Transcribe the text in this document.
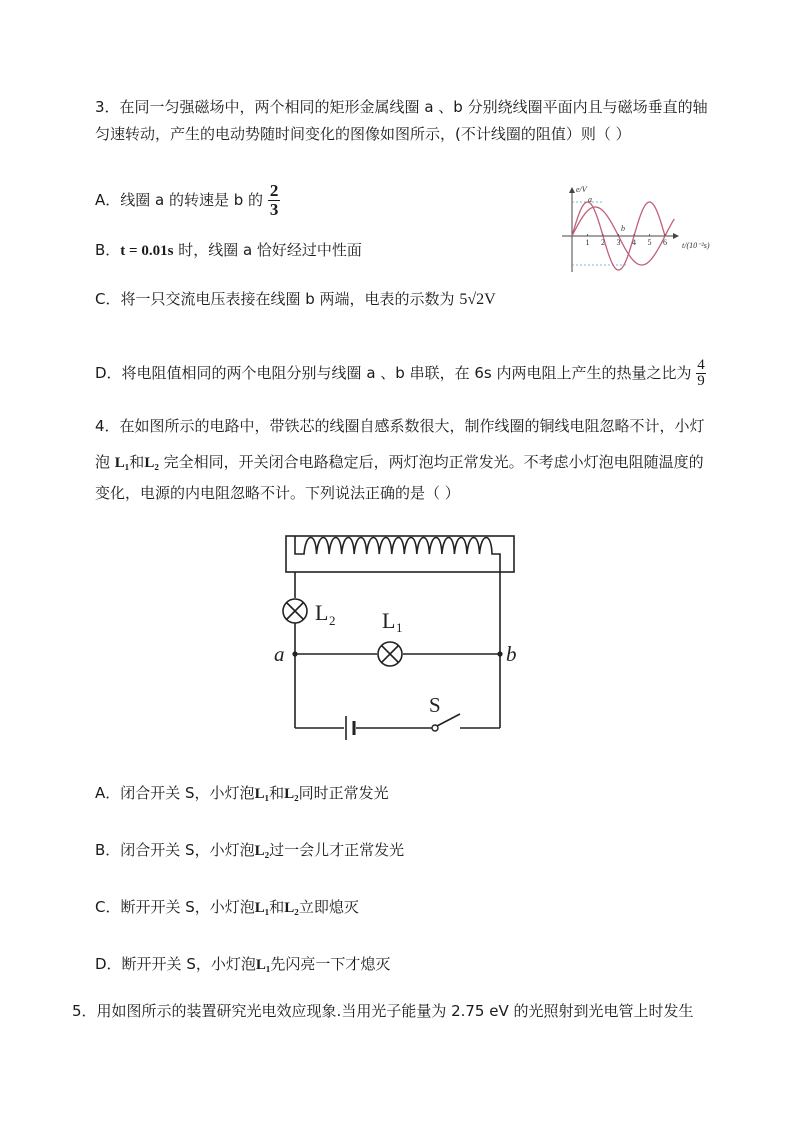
3．在同一匀强磁场中，两个相同的矩形金属线圈 a 、b 分别绕线圈平面内且与磁场垂直的轴
匀速转动，产生的电动势随时间变化的图像如图所示，(不计线圈的阻值）则（ ）
A．线圈 a 的转速是 b 的 $\frac{2}{3}$
B．t = 0.01s 时，线圈 a 恰好经过中性面
C．将一只交流电压表接在线圈 b 两端，电表的示数为 5√2V
D．将电阻值相同的两个电阻分别与线圈 a 、b 串联，在 6s 内两电阻上产生的热量之比为 $\frac{4}{9}$
e/V
t/(10⁻²s)
a
b
1 2 3 4 5 6
4．在如图所示的电路中，带铁芯的线圈自感系数很大，制作线圈的铜线电阻忽略不计，小灯
泡 L₁和L₂ 完全相同，开关闭合电路稳定后，两灯泡均正常发光。不考虑小灯泡电阻随温度的
变化，电源的内电阻忽略不计。下列说法正确的是（ ）
L 2 L 1
a	b
S
A．闭合开关 S，小灯泡L₁和L₂同时正常发光
B．闭合开关 S，小灯泡L₂过一会儿才正常发光
C．断开开关 S，小灯泡L₁和L₂立即熄灭
D．断开开关 S，小灯泡L₁先闪亮一下才熄灭
5．用如图所示的装置研究光电效应现象.当用光子能量为 2.75 eV 的光照射到光电管上时发生
